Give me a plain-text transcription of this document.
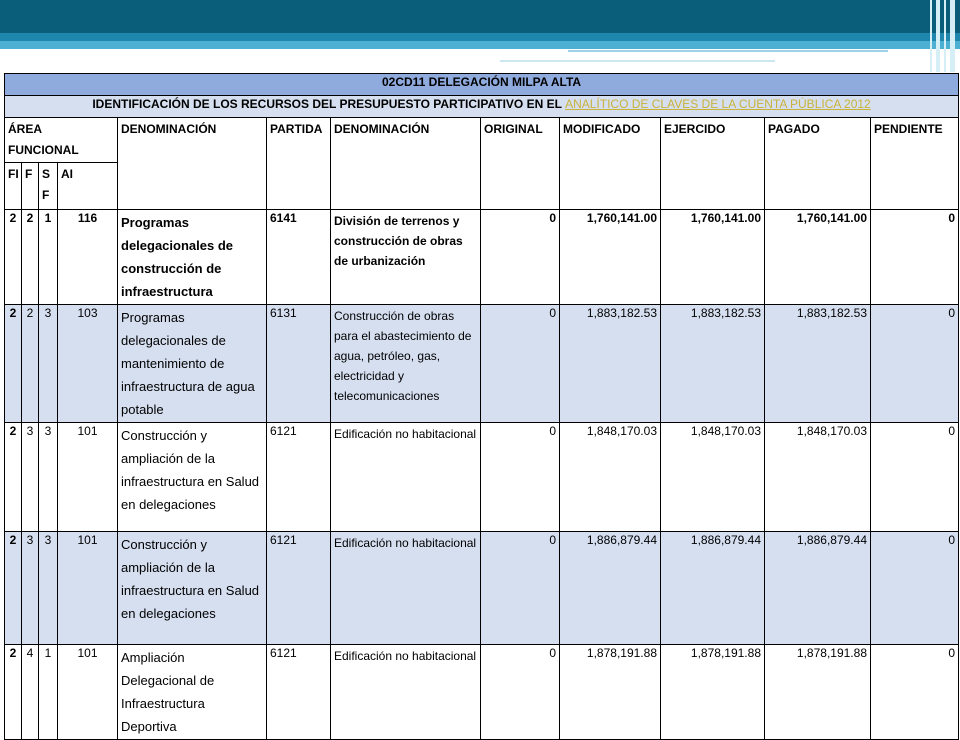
02CD11 DELEGACIÓN MILPA ALTA											
IDENTIFICACIÓN DE LOS RECURSOS DEL PRESUPUESTO PARTICIPATIVO EN EL ANALÍTICO DE CLAVES DE LA CUENTA PÚBLICA 2012											
ÁREA FUNCIONAL				DENOMINACIÓN	PARTIDA	DENOMINACIÓN	ORIGINAL	MODIFICADO	EJERCIDO	PAGADO	PENDIENTE
FI	F	S F	AI								
2	2	1	116	Programas delegacionales de construcción de infraestructura	6141	División de terrenos y construcción de obras de urbanización	0	1,760,141.00	1,760,141.00	1,760,141.00	0
2	2	3	103	Programas delegacionales de mantenimiento de infraestructura de agua potable	6131	Construcción de obras para el abastecimiento de agua, petróleo, gas, electricidad y telecomunicaciones	0	1,883,182.53	1,883,182.53	1,883,182.53	0
2	3	3	101	Construcción y ampliación de la infraestructura en Salud en delegaciones	6121	Edificación no habitacional	0	1,848,170.03	1,848,170.03	1,848,170.03	0
2	3	3	101	Construcción y ampliación de la infraestructura en Salud en delegaciones	6121	Edificación no habitacional	0	1,886,879.44	1,886,879.44	1,886,879.44	0
2	4	1	101	Ampliación Delegacional de Infraestructura Deportiva	6121	Edificación no habitacional	0	1,878,191.88	1,878,191.88	1,878,191.88	0
